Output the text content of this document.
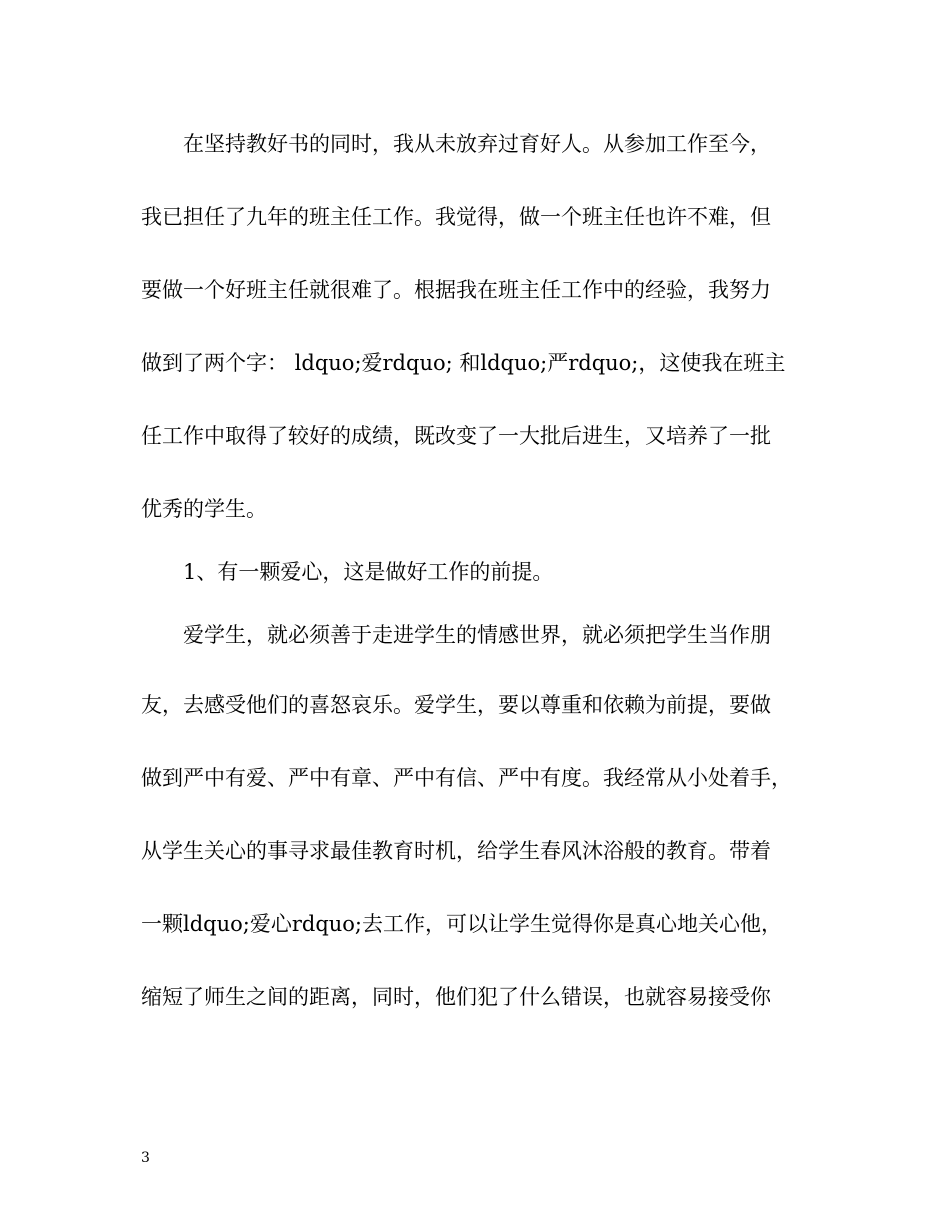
在坚持教好书的同时，我从未放弃过育好人。从参加工作至今，
我已担任了九年的班主任工作。我觉得，做一个班主任也许不难，但
要做一个好班主任就很难了。根据我在班主任工作中的经验，我努力
做到了两个字： ldquo;爱rdquo; 和ldquo;严rdquo;，这使我在班主
任工作中取得了较好的成绩，既改变了一大批后进生，又培养了一批
优秀的学生。
1、有一颗爱心，这是做好工作的前提。
爱学生，就必须善于走进学生的情感世界，就必须把学生当作朋
友，去感受他们的喜怒哀乐。爱学生，要以尊重和依赖为前提，要做
做到严中有爱、严中有章、严中有信、严中有度。我经常从小处着手，
从学生关心的事寻求最佳教育时机，给学生春风沐浴般的教育。带着
一颗ldquo;爱心rdquo;去工作，可以让学生觉得你是真心地关心他，
缩短了师生之间的距离，同时，他们犯了什么错误，也就容易接受你
3
